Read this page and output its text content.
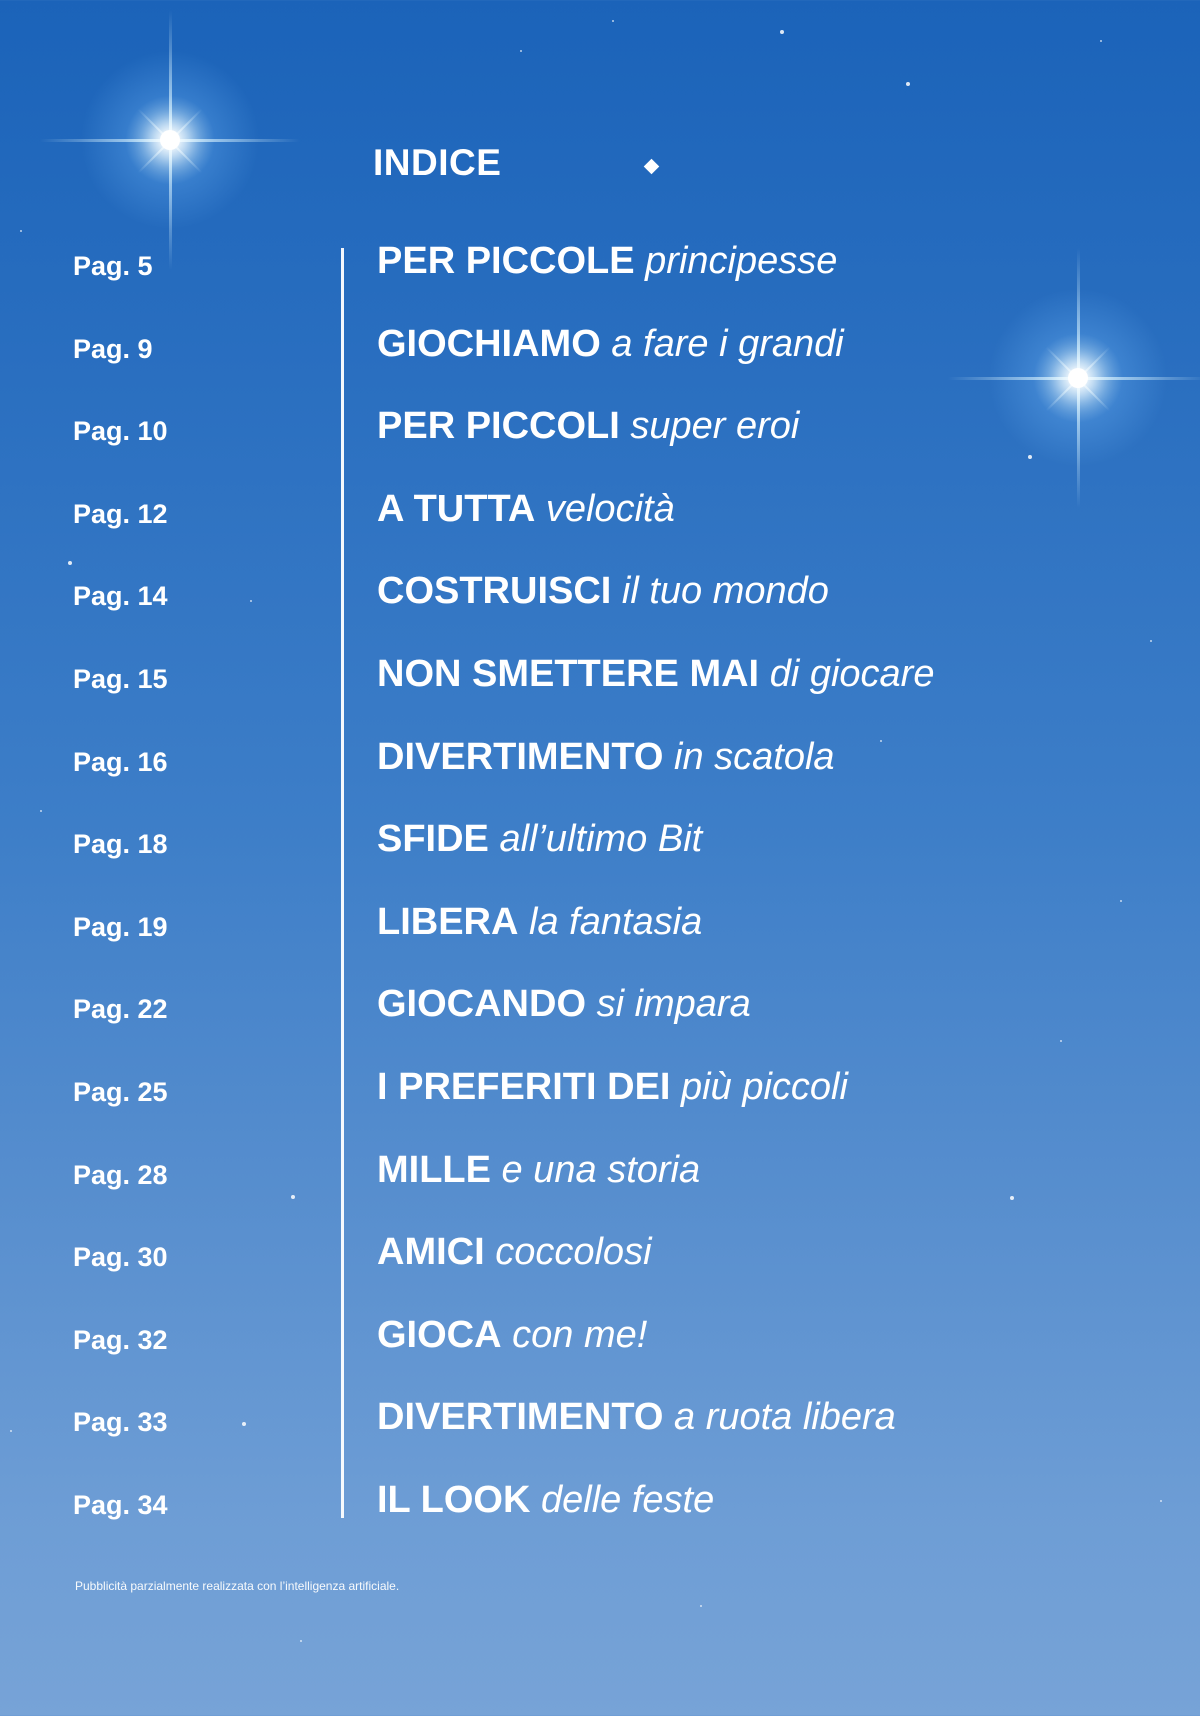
INDICE
Pag. 5	PER PICCOLE principesse
Pag. 9	GIOCHIAMO a fare i grandi
Pag. 10	PER PICCOLI super eroi
Pag. 12	A TUTTA velocità
Pag. 14	COSTRUISCI il tuo mondo
Pag. 15	NON SMETTERE MAI di giocare
Pag. 16	DIVERTIMENTO in scatola
Pag. 18	SFIDE all’ultimo Bit
Pag. 19	LIBERA la fantasia
Pag. 22	GIOCANDO si impara
Pag. 25	I PREFERITI DEI più piccoli
Pag. 28	MILLE e una storia
Pag. 30	AMICI coccolosi
Pag. 32	GIOCA con me!
Pag. 33	DIVERTIMENTO a ruota libera
Pag. 34	IL LOOK delle feste

Pubblicità parzialmente realizzata con l’intelligenza artificiale.
